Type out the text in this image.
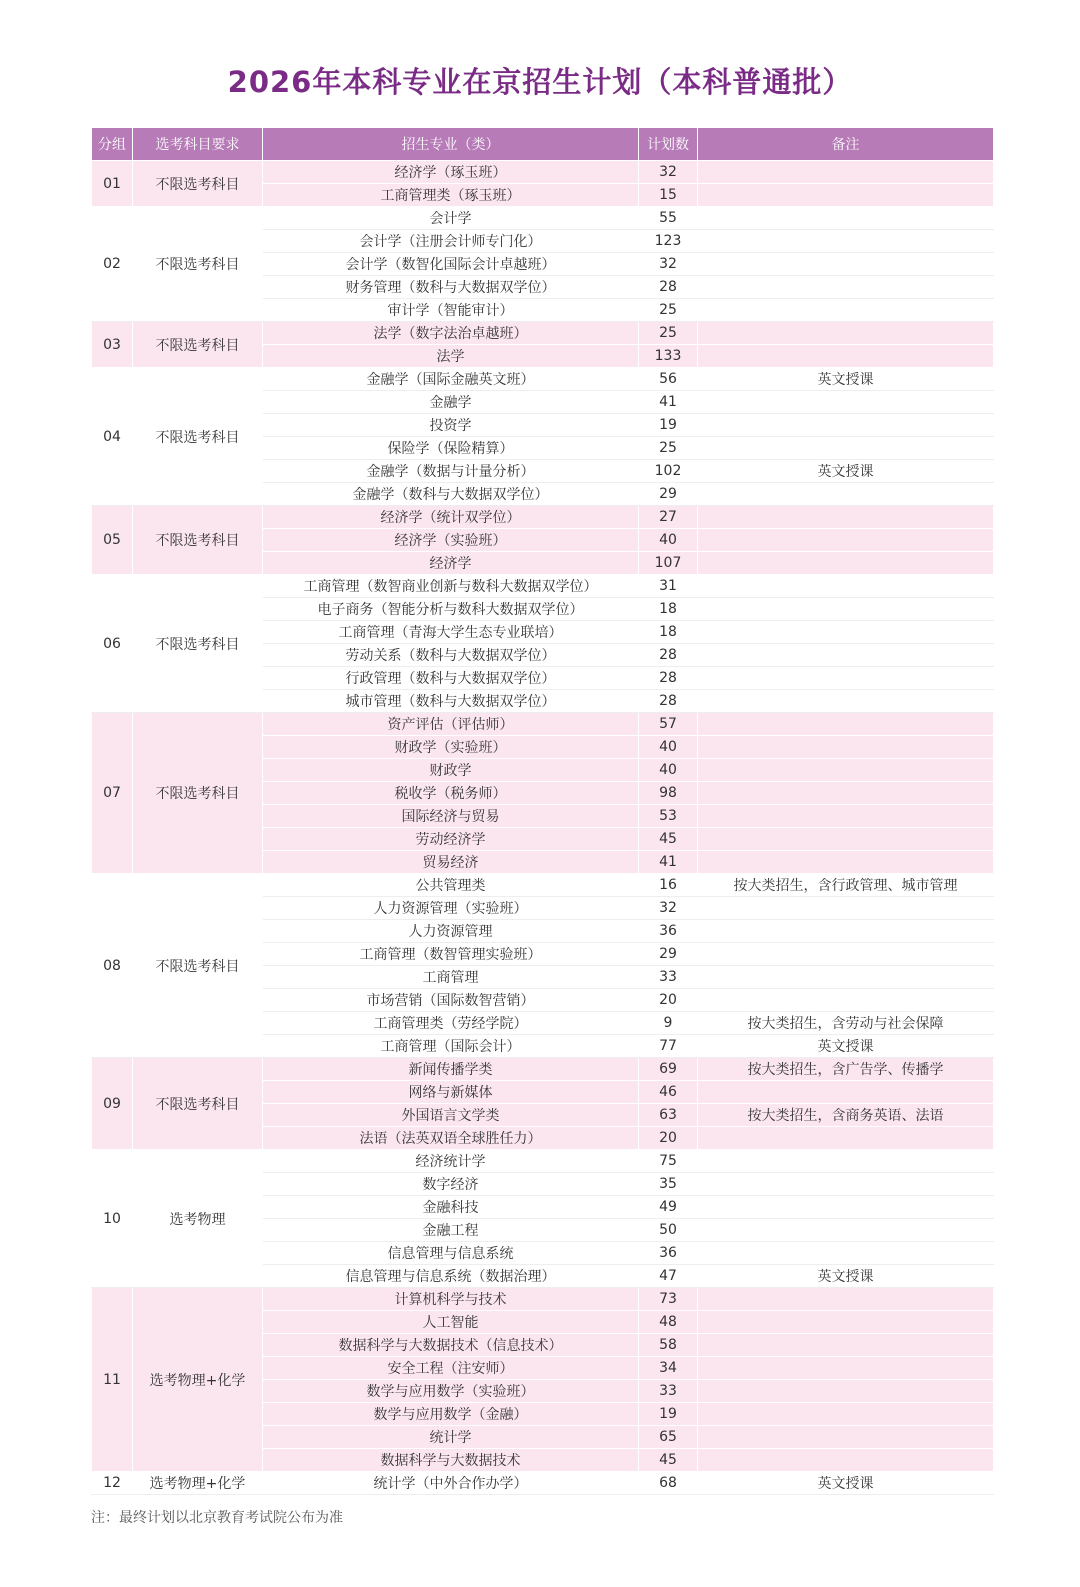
2026年本科专业在京招生计划（本科普通批）
分组	选考科目要求	招生专业（类）	计划数	备注
01	不限选考科目	经济学（琢玉班）	32	
		工商管理类（琢玉班）	15	
02	不限选考科目	会计学	55	
		会计学（注册会计师专门化）	123	
		会计学（数智化国际会计卓越班）	32	
		财务管理（数科与大数据双学位）	28	
		审计学（智能审计）	25	
03	不限选考科目	法学（数字法治卓越班）	25	
		法学	133	
04	不限选考科目	金融学（国际金融英文班）	56	英文授课
		金融学	41	
		投资学	19	
		保险学（保险精算）	25	
		金融学（数据与计量分析）	102	英文授课
		金融学（数科与大数据双学位）	29	
05	不限选考科目	经济学（统计双学位）	27	
		经济学（实验班）	40	
		经济学	107	
06	不限选考科目	工商管理（数智商业创新与数科大数据双学位）	31	
		电子商务（智能分析与数科大数据双学位）	18	
		工商管理（青海大学生态专业联培）	18	
		劳动关系（数科与大数据双学位）	28	
		行政管理（数科与大数据双学位）	28	
		城市管理（数科与大数据双学位）	28	
07	不限选考科目	资产评估（评估师）	57	
		财政学（实验班）	40	
		财政学	40	
		税收学（税务师）	98	
		国际经济与贸易	53	
		劳动经济学	45	
		贸易经济	41	
08	不限选考科目	公共管理类	16	按大类招生，含行政管理、城市管理
		人力资源管理（实验班）	32	
		人力资源管理	36	
		工商管理（数智管理实验班）	29	
		工商管理	33	
		市场营销（国际数智营销）	20	
		工商管理类（劳经学院）	9	按大类招生，含劳动与社会保障
		工商管理（国际会计）	77	英文授课
09	不限选考科目	新闻传播学类	69	按大类招生，含广告学、传播学
		网络与新媒体	46	
		外国语言文学类	63	按大类招生，含商务英语、法语
		法语（法英双语全球胜任力）	20	
10	选考物理	经济统计学	75	
		数字经济	35	
		金融科技	49	
		金融工程	50	
		信息管理与信息系统	36	
		信息管理与信息系统（数据治理）	47	英文授课
11	选考物理+化学	计算机科学与技术	73	
		人工智能	48	
		数据科学与大数据技术（信息技术）	58	
		安全工程（注安师）	34	
		数学与应用数学（实验班）	33	
		数学与应用数学（金融）	19	
		统计学	65	
		数据科学与大数据技术	45	
12	选考物理+化学	统计学（中外合作办学）	68	英文授课
注：最终计划以北京教育考试院公布为准
